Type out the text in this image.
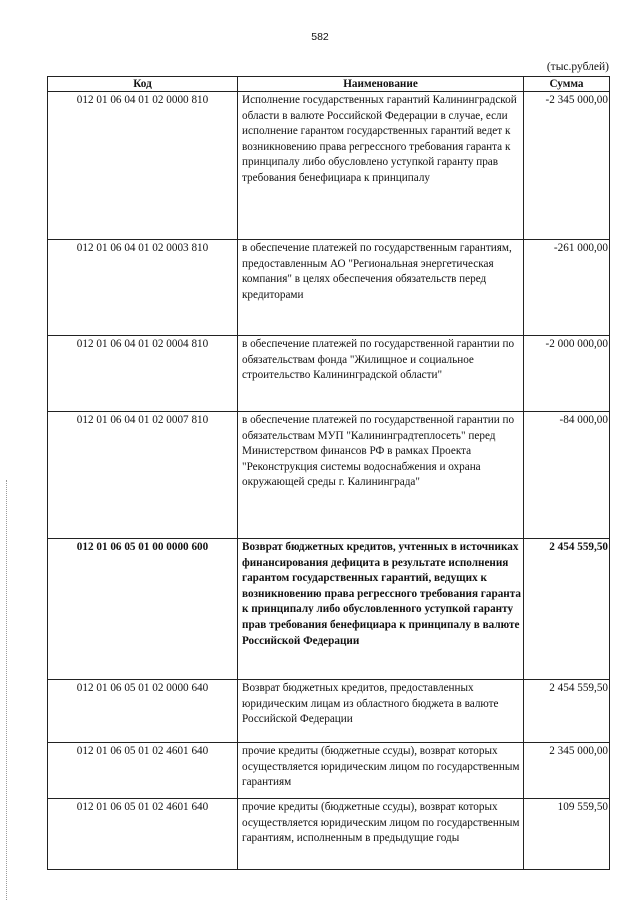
582
(тыс.рублей)
Код	Наименование	Сумма
012 01 06 04 01 02 0000 810	Исполнение государственных гарантий Калининградской области в валюте Российской Федерации в случае, если исполнение гарантом государственных гарантий ведет к возникновению права регрессного требования гаранта к принципалу либо обусловлено уступкой гаранту прав требования бенефициара к принципалу	-2 345 000,00
012 01 06 04 01 02 0003 810	в обеспечение платежей по государственным гарантиям, предоставленным АО "Региональная энергетическая компания" в целях обеспечения обязательств перед кредиторами	-261 000,00
012 01 06 04 01 02 0004 810	в обеспечение платежей по государственной гарантии по обязательствам фонда "Жилищное и социальное строительство Калининградской области"	-2 000 000,00
012 01 06 04 01 02 0007 810	в обеспечение платежей по государственной гарантии по обязательствам МУП "Калининградтеплосеть" перед Министерством финансов РФ в рамках Проекта "Реконструкция системы водоснабжения и охрана окружающей среды г. Калининграда"	-84 000,00
012 01 06 05 01 00 0000 600	Возврат бюджетных кредитов, учтенных в источниках финансирования дефицита в результате исполнения гарантом государственных гарантий, ведущих к возникновению права регрессного требования гаранта к принципалу либо обусловленного уступкой гаранту прав требования бенефициара к принципалу в валюте Российской Федерации	2 454 559,50
012 01 06 05 01 02 0000 640	Возврат бюджетных кредитов, предоставленных юридическим лицам из областного бюджета в валюте Российской Федерации	2 454 559,50
012 01 06 05 01 02 4601 640	прочие кредиты (бюджетные ссуды), возврат которых осуществляется юридическим лицом по государственным гарантиям	2 345 000,00
012 01 06 05 01 02 4601 640	прочие кредиты (бюджетные ссуды), возврат которых осуществляется юридическим лицом по государственным гарантиям, исполненным в предыдущие годы	109 559,50
